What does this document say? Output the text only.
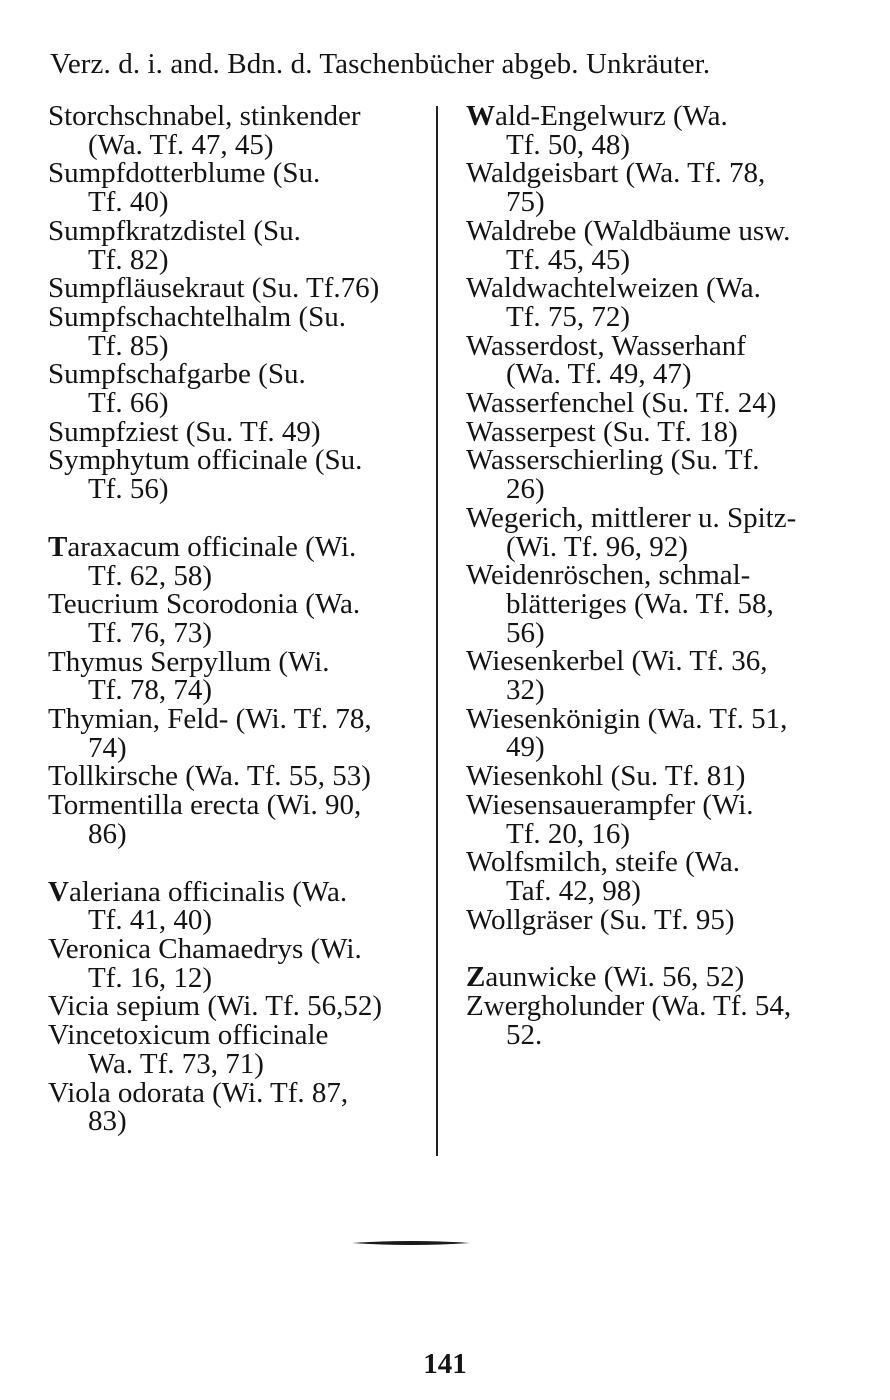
Verz. d. i. and. Bdn. d. Taschenbücher abgeb. Unkräuter.
Storchschnabel, stinkender
(Wa. Tf. 47, 45)
Sumpfdotterblume (Su.
Tf. 40)
Sumpfkratzdistel (Su.
Tf. 82)
Sumpfläusekraut (Su. Tf.76)
Sumpfschachtelhalm (Su.
Tf. 85)
Sumpfschafgarbe (Su.
Tf. 66)
Sumpfziest (Su. Tf. 49)
Symphytum officinale (Su.
Tf. 56)
Taraxacum officinale (Wi.
Tf. 62, 58)
Teucrium Scorodonia (Wa.
Tf. 76, 73)
Thymus Serpyllum (Wi.
Tf. 78, 74)
Thymian, Feld- (Wi. Tf. 78,
74)
Tollkirsche (Wa. Tf. 55, 53)
Tormentilla erecta (Wi. 90,
86)
Valeriana officinalis (Wa.
Tf. 41, 40)
Veronica Chamaedrys (Wi.
Tf. 16, 12)
Vicia sepium (Wi. Tf. 56,52)
Vincetoxicum officinale
Wa. Tf. 73, 71)
Viola odorata (Wi. Tf. 87,
83)
Wald-Engelwurz (Wa.
Tf. 50, 48)
Waldgeisbart (Wa. Tf. 78,
75)
Waldrebe (Waldbäume usw.
Tf. 45, 45)
Waldwachtelweizen (Wa.
Tf. 75, 72)
Wasserdost, Wasserhanf
(Wa. Tf. 49, 47)
Wasserfenchel (Su. Tf. 24)
Wasserpest (Su. Tf. 18)
Wasserschierling (Su. Tf.
26)
Wegerich, mittlerer u. Spitz-
(Wi. Tf. 96, 92)
Weidenröschen, schmal-
blätteriges (Wa. Tf. 58,
56)
Wiesenkerbel (Wi. Tf. 36,
32)
Wiesenkönigin (Wa. Tf. 51,
49)
Wiesenkohl (Su. Tf. 81)
Wiesensauerampfer (Wi.
Tf. 20, 16)
Wolfsmilch, steife (Wa.
Taf. 42, 98)
Wollgräser (Su. Tf. 95)
Zaunwicke (Wi. 56, 52)
Zwergholunder (Wa. Tf. 54,
52.
141
